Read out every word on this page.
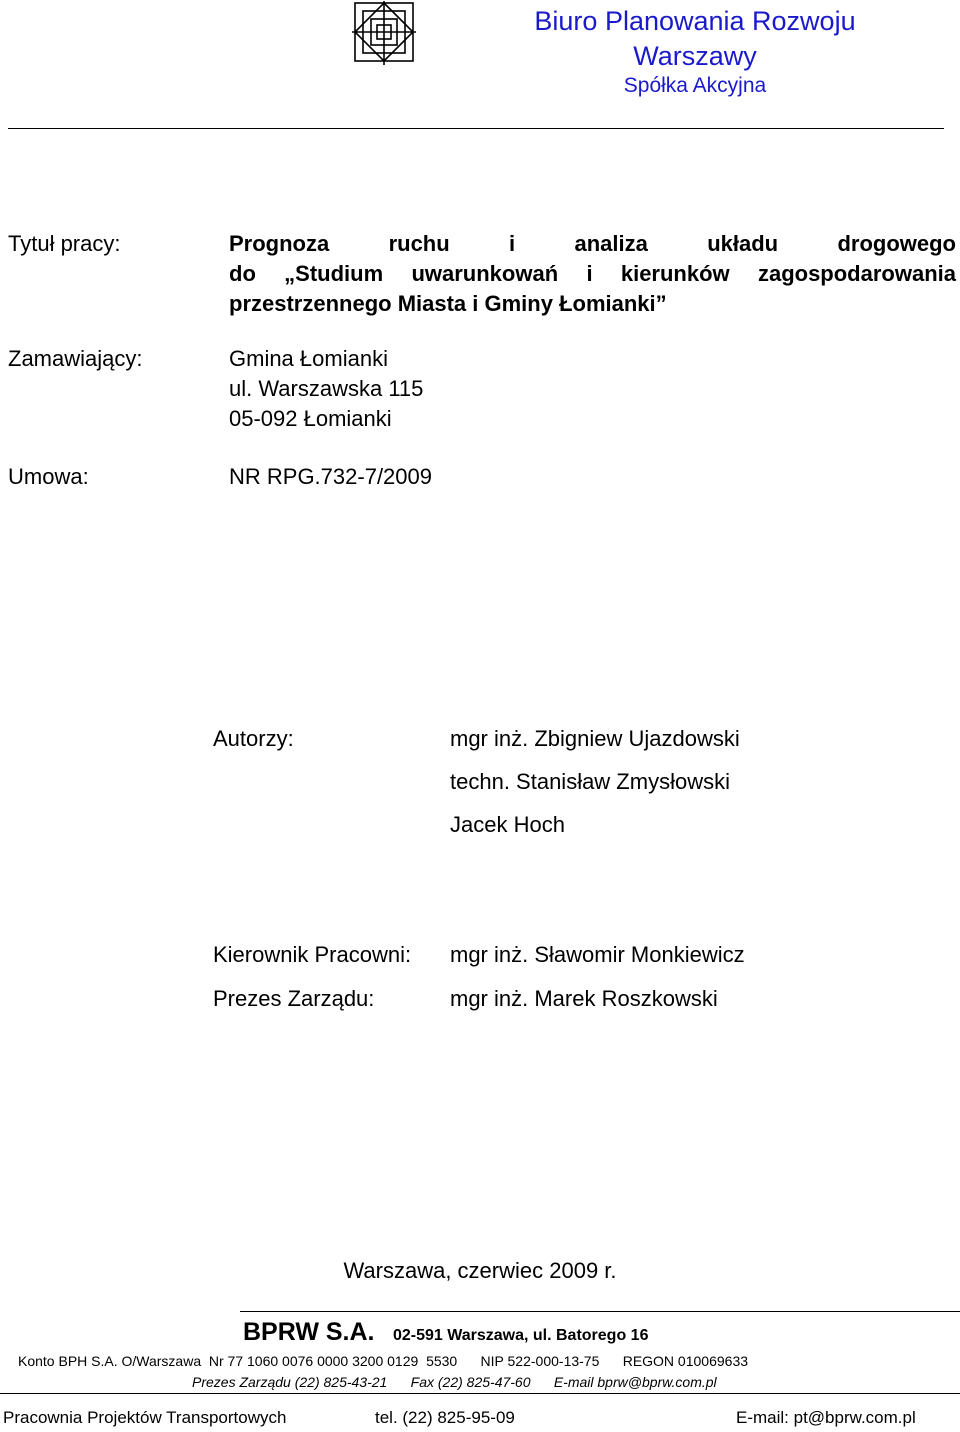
Biuro Planowania Rozwoju
Warszawy
Spółka Akcyjna
Tytuł pracy:	Prognoza ruchu i analiza układu drogowego
do „Studium uwarunkowań i kierunków zagospodarowania
przestrzennego Miasta i Gminy Łomianki”
Zamawiający:	Gmina Łomianki
ul. Warszawska 115
05-092 Łomianki
Umowa:	NR RPG.732-7/2009
Autorzy:	mgr inż. Zbigniew Ujazdowski
techn. Stanisław Zmysłowski
Jacek Hoch
Kierownik Pracowni: mgr inż. Sławomir Monkiewicz
Prezes Zarządu:	mgr inż. Marek Roszkowski
Warszawa, czerwiec 2009 r.
BPRW S.A. 02-591 Warszawa, ul. Batorego 16
Konto BPH S.A. O/Warszawa  Nr 77 1060 0076 0000 3200 0129  5530      NIP 522-000-13-75      REGON 010069633
Prezes Zarządu (22) 825-43-21      Fax (22) 825-47-60      E-mail bprw@bprw.com.pl
Pracownia Projektów Transportowych	tel. (22) 825-95-09	E-mail: pt@bprw.com.pl
